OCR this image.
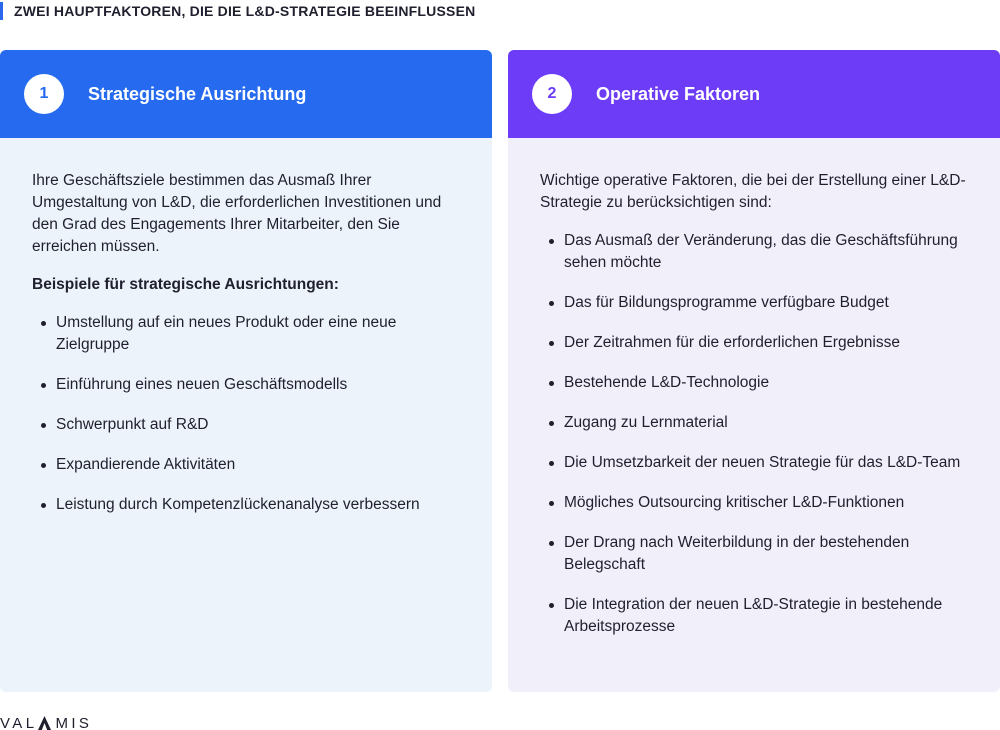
ZWEI HAUPTFAKTOREN, DIE DIE L&D-STRATEGIE BEEINFLUSSEN
1	Strategische Ausrichtung

Ihre Geschäftsziele bestimmen das Ausmaß Ihrer Umgestaltung von L&D, die erforderlichen Investitionen und den Grad des Engagements Ihrer Mitarbeiter, den Sie erreichen müssen.

Beispiele für strategische Ausrichtungen:

Umstellung auf ein neues Produkt oder eine neue Zielgruppe
Einführung eines neuen Geschäftsmodells
Schwerpunkt auf R&D
Expandierende Aktivitäten
Leistung durch Kompetenzlückenanalyse verbessern
2	Operative Faktoren

Wichtige operative Faktoren, die bei der Erstellung einer L&D-Strategie zu berücksichtigen sind:

Das Ausmaß der Veränderung, das die Geschäftsführung sehen möchte
Das für Bildungsprogramme verfügbare Budget
Der Zeitrahmen für die erforderlichen Ergebnisse
Bestehende L&D-Technologie
Zugang zu Lernmaterial
Die Umsetzbarkeit der neuen Strategie für das L&D-Team
Mögliches Outsourcing kritischer L&D-Funktionen
Der Drang nach Weiterbildung in der bestehenden Belegschaft
Die Integration der neuen L&D-Strategie in bestehende Arbeitsprozesse
VAL MIS
